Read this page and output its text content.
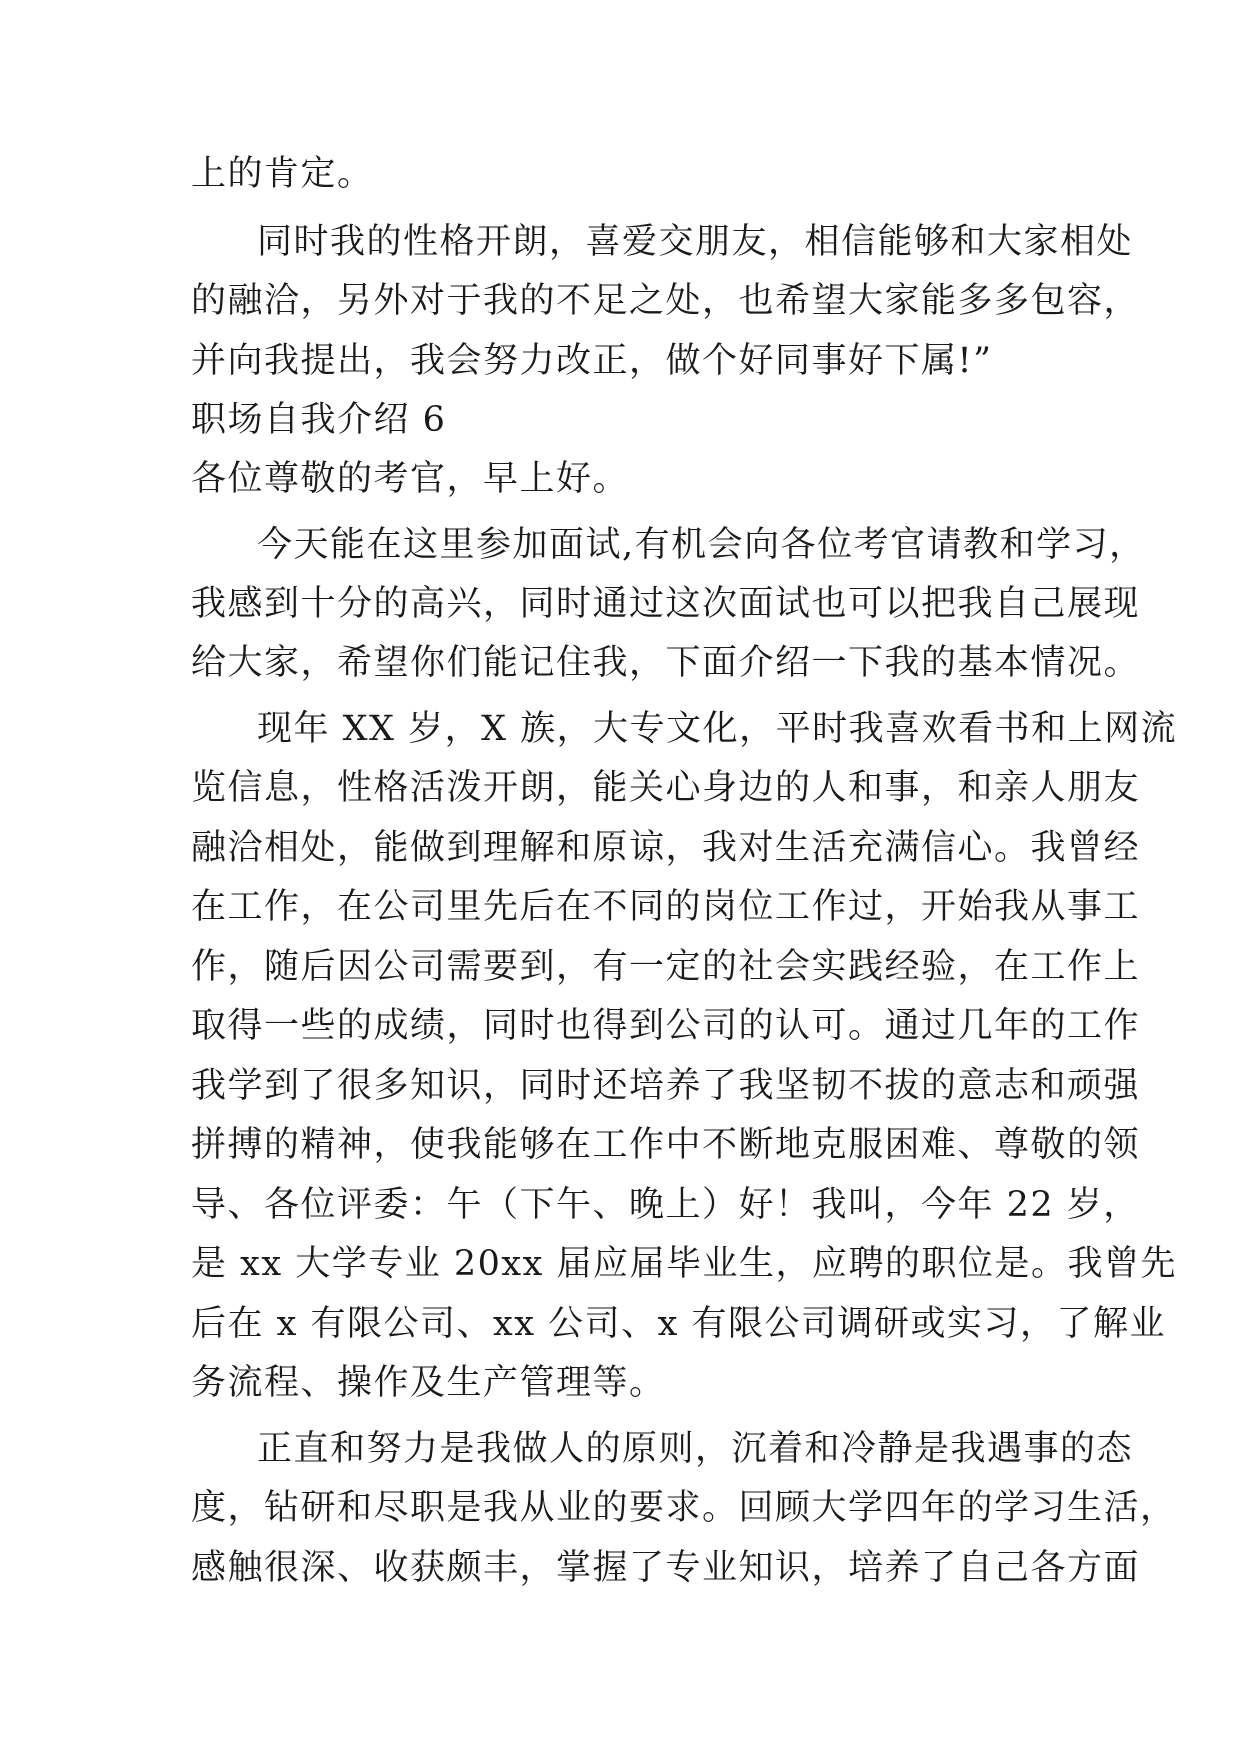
上的肯定。

同时我的性格开朗，喜爱交朋友，相信能够和大家相处

的融洽，另外对于我的不足之处，也希望大家能多多包容，

并向我提出，我会努力改正，做个好同事好下属!”

职场自我介绍 6

各位尊敬的考官，早上好。

今天能在这里参加面试,有机会向各位考官请教和学习，

我感到十分的高兴，同时通过这次面试也可以把我自己展现

给大家，希望你们能记住我，下面介绍一下我的基本情况。

现年 XX 岁，X 族，大专文化，平时我喜欢看书和上网流

览信息，性格活泼开朗，能关心身边的人和事，和亲人朋友

融洽相处，能做到理解和原谅，我对生活充满信心。我曾经

在工作，在公司里先后在不同的岗位工作过，开始我从事工

作，随后因公司需要到，有一定的社会实践经验，在工作上

取得一些的成绩，同时也得到公司的认可。通过几年的工作

我学到了很多知识，同时还培养了我坚韧不拔的意志和顽强

拼搏的精神，使我能够在工作中不断地克服困难、尊敬的领

导、各位评委：午（下午、晚上）好！我叫，今年 22 岁，

是 xx 大学专业 20xx 届应届毕业生，应聘的职位是。我曾先

后在 x 有限公司、xx 公司、x 有限公司调研或实习，了解业

务流程、操作及生产管理等。

正直和努力是我做人的原则，沉着和冷静是我遇事的态

度，钻研和尽职是我从业的要求。回顾大学四年的学习生活，

感触很深、收获颇丰，掌握了专业知识，培养了自己各方面
